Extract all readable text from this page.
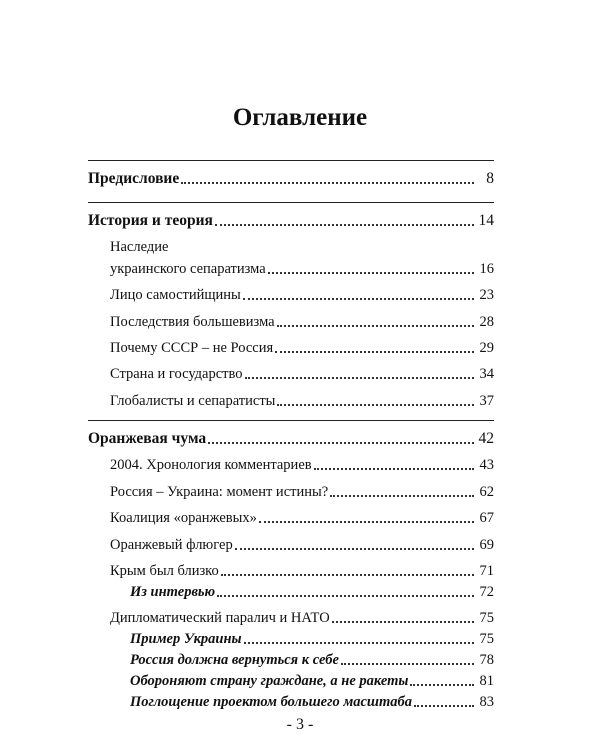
Оглавление
Предисловие	8
История и теория	14
Наследие
украинского сепаратизма	16
Лицо самостийщины	23
Последствия большевизма	28
Почему СССР – не Россия	29
Страна и государство	34
Глобалисты и сепаратисты	37
Оранжевая чума	42
2004. Хронология комментариев	43
Россия – Украина: момент истины?	62
Коалиция «оранжевых»	67
Оранжевый флюгер	69
Крым был близко	71
Из интервью	72
Дипломатический паралич и НАТО	75
Пример Украины	75
Россия должна вернуться к себе	78
Обороняют страну граждане, а не ракеты	81
Поглощение проектом большего масштаба	83
- 3 -
